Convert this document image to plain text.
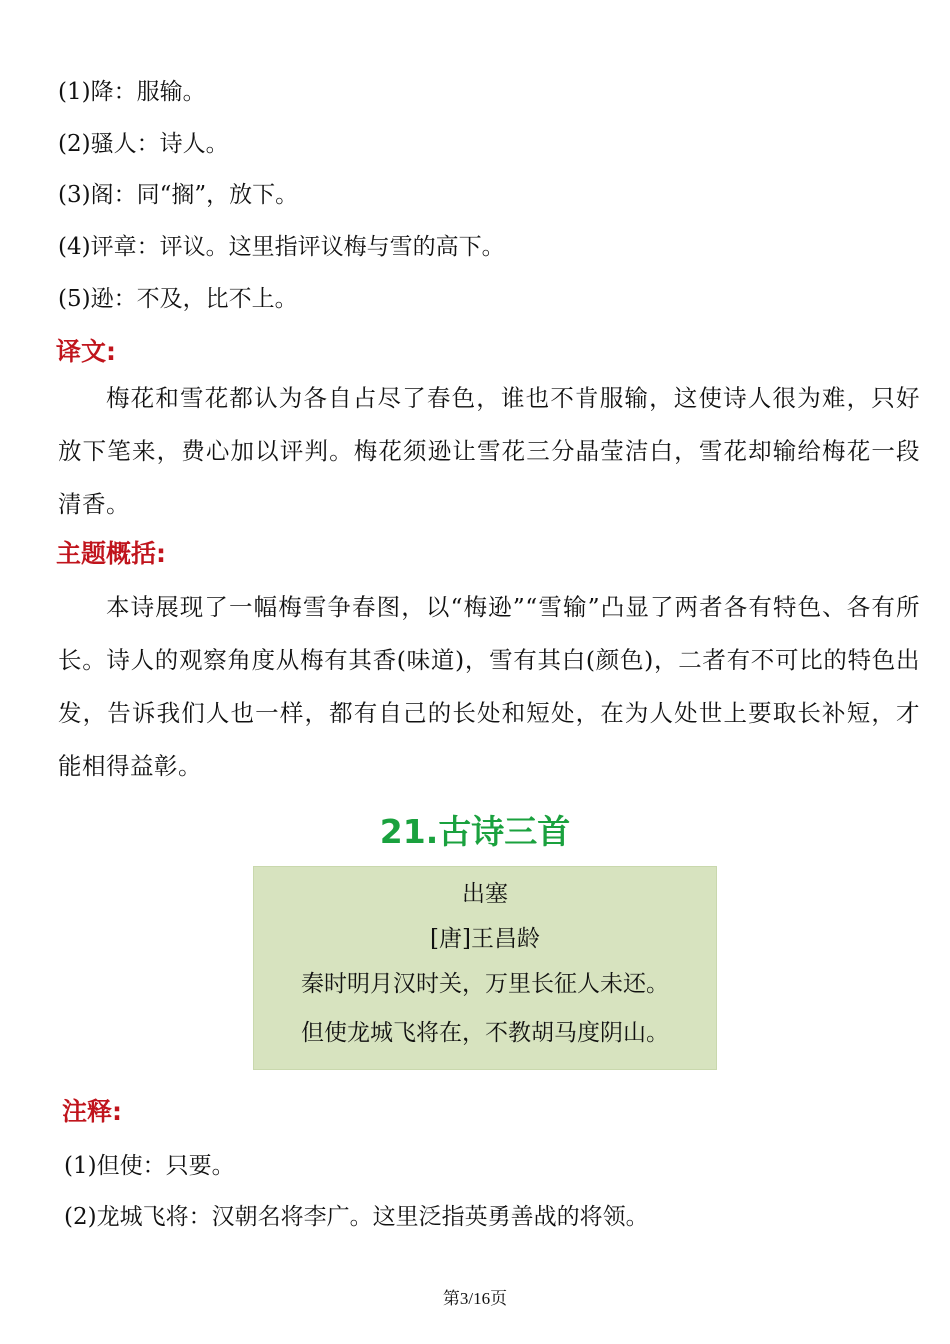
(1)降：服输。
(2)骚人：诗人。
(3)阁：同“搁”，放下。
(4)评章：评议。这里指评议梅与雪的高下。
(5)逊：不及，比不上。
译文:
梅花和雪花都认为各自占尽了春色，谁也不肯服输，这使诗人很为难，只好放下笔来，费心加以评判。梅花须逊让雪花三分晶莹洁白，雪花却输给梅花一段清香。
主题概括:
本诗展现了一幅梅雪争春图，以“梅逊”“雪输”凸显了两者各有特色、各有所长。诗人的观察角度从梅有其香(味道)，雪有其白(颜色)，二者有不可比的特色出发，告诉我们人也一样，都有自己的长处和短处，在为人处世上要取长补短，才能相得益彰。
21.古诗三首
出塞
[唐]王昌龄
秦时明月汉时关，万里长征人未还。
但使龙城飞将在，不教胡马度阴山。
注释:
(1)但使：只要。
(2)龙城飞将：汉朝名将李广。这里泛指英勇善战的将领。
第3/16页
